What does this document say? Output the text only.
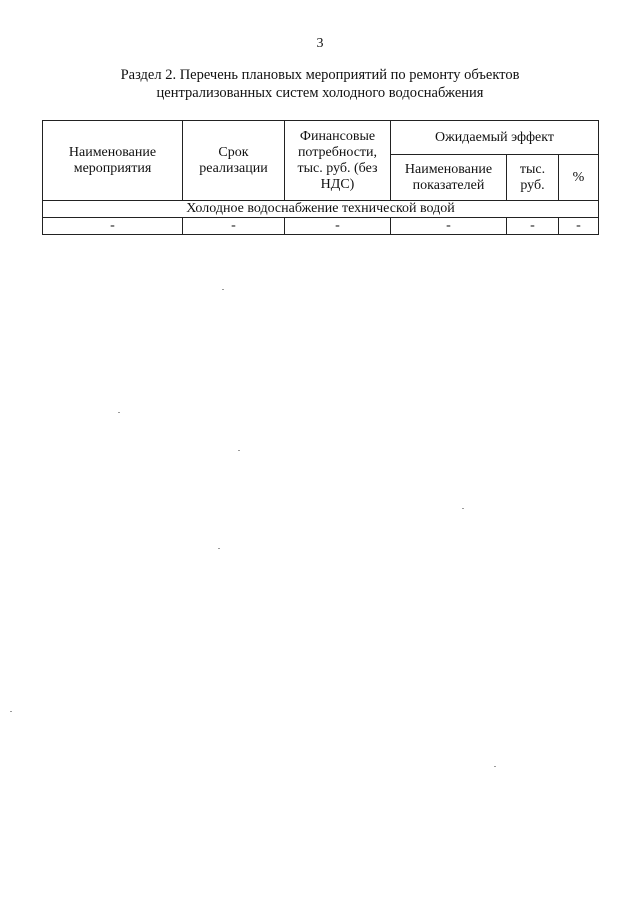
3
Раздел 2. Перечень плановых мероприятий по ремонту объектов
централизованных систем холодного водоснабжения
Наименование мероприятия	Срок реализации	Финансовые потребности, тыс. руб. (без НДС)	Ожидаемый эффект		
			Наименование показателей	тыс. руб.	%
Холодное водоснабжение технической водой					
-	-	-	-	-	-
